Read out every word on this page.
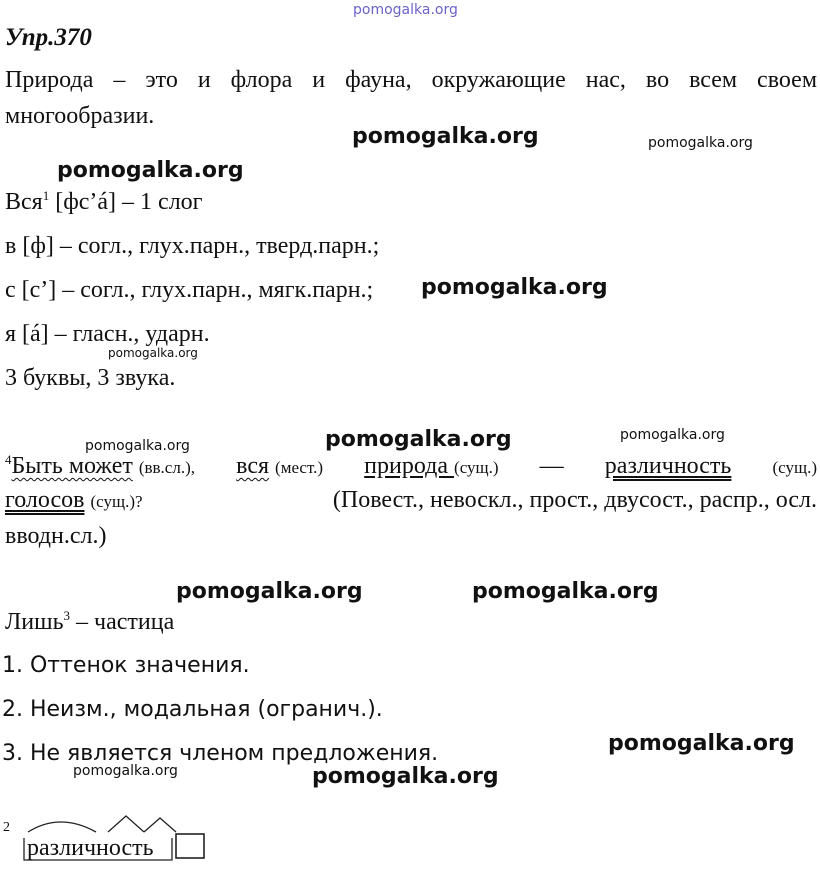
pomogalka.org
Упр.370
Природа – это и флора и фауна, окружающие нас, во всем своем
многообразии.
pomogalka.org	pomogalka.org
pomogalka.org
Вся$^1$ [фс’á] – 1 слог
в [ф] – согл., глух.парн., тверд.парн.;
с [с’] – согл., глух.парн., мягк.парн.; pomogalka.org
я [á] – гласн., ударн.
pomogalka.org
3 буквы, 3 звука.
pomogalka.org	pomogalka.org	pomogalka.org
$^4$Быть может (вв.сл.), вся (мест.) природа (сущ.) — различность (сущ.)
голосов (сущ.)?	(Повест., невоскл., прост., двусост., распр., осл.
вводн.сл.)
pomogalka.org	pomogalka.org
Лишь$^3$ – частица
1. Оттенок значения.
2. Неизм., модальная (огранич.).
3. Не является членом предложения.	pomogalka.org
pomogalka.org	pomogalka.org
2
различность
